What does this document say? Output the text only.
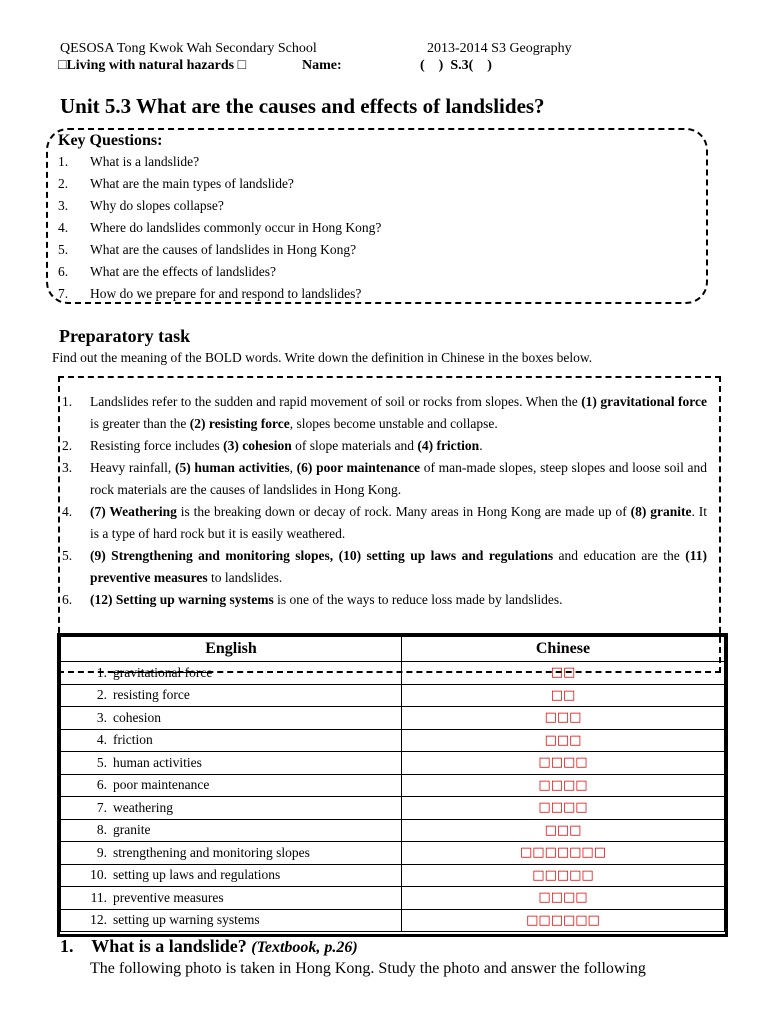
QESOSA Tong Kwok Wah Secondary School	2013-2014 S3 Geography
□Living with natural hazards □	Name:	(    )  S.3(    )
Unit 5.3 What are the causes and effects of landslides?
Key Questions:
1.	What is a landslide?
2.	What are the main types of landslide?
3.	Why do slopes collapse?
4.	Where do landslides commonly occur in Hong Kong?
5.	What are the causes of landslides in Hong Kong?
6.	What are the effects of landslides?
7.	How do we prepare for and respond to landslides?
Preparatory task
Find out the meaning of the BOLD words. Write down the definition in Chinese in the boxes below.
1.	Landslides refer to the sudden and rapid movement of soil or rocks from slopes. When the (1) gravitational force is greater than the (2) resisting force, slopes become unstable and collapse.
2.	Resisting force includes (3) cohesion of slope materials and (4) friction.
3.	Heavy rainfall, (5) human activities, (6) poor maintenance of man-made slopes, steep slopes and loose soil and rock materials are the causes of landslides in Hong Kong.
4.	(7) Weathering is the breaking down or decay of rock. Many areas in Hong Kong are made up of (8) granite. It is a type of hard rock but it is easily weathered.
5.	(9) Strengthening and monitoring slopes, (10) setting up laws and regulations and education are the (11) preventive measures to landslides.
6.	(12) Setting up warning systems is one of the ways to reduce loss made by landslides.
English	Chinese
1. gravitational force	□□
2. resisting force	□□
3. cohesion	□□□
4. friction	□□□
5. human activities	□□□□
6. poor maintenance	□□□□
7. weathering	□□□□
8. granite	□□□
9. strengthening and monitoring slopes	□□□□□□□
10. setting up laws and regulations	□□□□□
11. preventive measures	□□□□
12. setting up warning systems	□□□□□□
1. What is a landslide? (Textbook, p.26)
The following photo is taken in Hong Kong. Study the photo and answer the following
